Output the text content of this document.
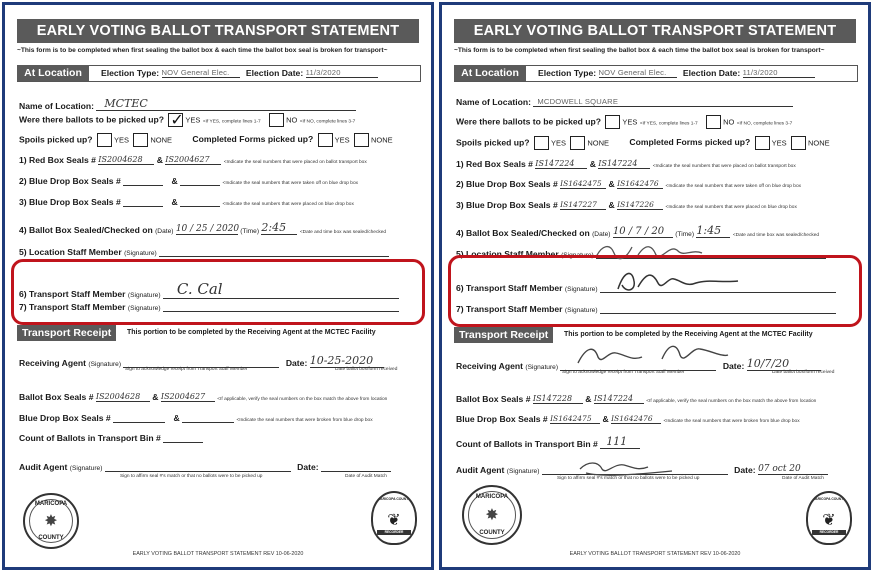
EARLY VOTING BALLOT TRANSPORT STATEMENT
~This form is to be completed when first sealing the ballot box & each time the ballot box seal is broken for transport~
At Location	Election Type: NOV General Elec. Election Date: 11/3/2020
Name of Location: MCTEC
Were there ballots to be picked up? ✓	YES <If YES, complete lines 1-7	NO <If NO, complete lines 3-7
Spoils picked up?	YES	NONE Completed Forms picked up?	YES	NONE
1) Red Box Seals # IS2004628 & IS2004627	<Indicate the seal numbers that were placed on ballot transport box
2) Blue Drop Box Seals #	&	<Indicate the seal numbers that were taken off on blue drop box
3) Blue Drop Box Seals #	&	<Indicate the seal numbers that were placed on blue drop box
4) Ballot Box Sealed/Checked on (Date) 10 / 25 / 2020 (Time) 2:45	<Date and time box was sealed/checked
5) Location Staff Member (Signature)
6) Transport Staff Member (Signature) C. Cal
7) Transport Staff Member (Signature)
Transport Receipt	This portion to be completed by the Receiving Agent at the MCTEC Facility
Receiving Agent (Signature)	Date: 10-25-2020
Sign to acknowledge receipt from Transport Staff Member	Date ballot box/form received
Ballot Box Seals # IS2004628 & IS2004627	<If applicable, verify the seal numbers on the box match the above from location
Blue Drop Box Seals #	&	<Indicate the seal numbers that were broken from blue drop box
Count of Ballots in Transport Bin #
Audit Agent (Signature)	Date:
Sign to affirm seal #'s match or that no ballots were to be picked up	Date of Audit Match
MARICOPA
✸
COUNTY
MARICOPA COUNTY
❦
RECORDER
EARLY VOTING BALLOT TRANSPORT STATEMENT REV 10-06-2020
EARLY VOTING BALLOT TRANSPORT STATEMENT
~This form is to be completed when first sealing the ballot box & each time the ballot box seal is broken for transport~
At Location	Election Type: NOV General Elec. Election Date: 11/3/2020
Name of Location: MCDOWELL SQUARE
Were there ballots to be picked up?	YES <If YES, complete lines 1-7	NO <If NO, complete lines 3-7
Spoils picked up?	YES	NONE Completed Forms picked up?	YES	NONE
1) Red Box Seals # IS147224 & IS147224	<Indicate the seal numbers that were placed on ballot transport box
2) Blue Drop Box Seals # IS1642475 & IS1642476 <Indicate the seal numbers that were taken off on blue drop box
3) Blue Drop Box Seals # IS147227 & IS147226 <Indicate the seal numbers that were placed on blue drop box
4) Ballot Box Sealed/Checked on (Date) 10 / 7 / 20 (Time) 1:45 <Date and time box was sealed/checked
5) Location Staff Member (Signature)
6) Transport Staff Member (Signature)
7) Transport Staff Member (Signature)
Transport Receipt	This portion to be completed by the Receiving Agent at the MCTEC Facility
Receiving Agent (Signature)	Date: 10/7/20
Sign to acknowledge receipt from Transport Staff Member	Date ballot box/form received
Ballot Box Seals # IS147228 & IS147224	<If applicable, verify the seal numbers on the box match the above from location
Blue Drop Box Seals # IS1642475 & IS1642476 <Indicate the seal numbers that were broken from blue drop box
Count of Ballots in Transport Bin # 111
Audit Agent (Signature)	Date: 07 oct 20
Sign to affirm seal #'s match or that no ballots were to be picked up	Date of Audit Match
MARICOPA
✸
COUNTY
MARICOPA COUNTY
❦
RECORDER
EARLY VOTING BALLOT TRANSPORT STATEMENT REV 10-06-2020
